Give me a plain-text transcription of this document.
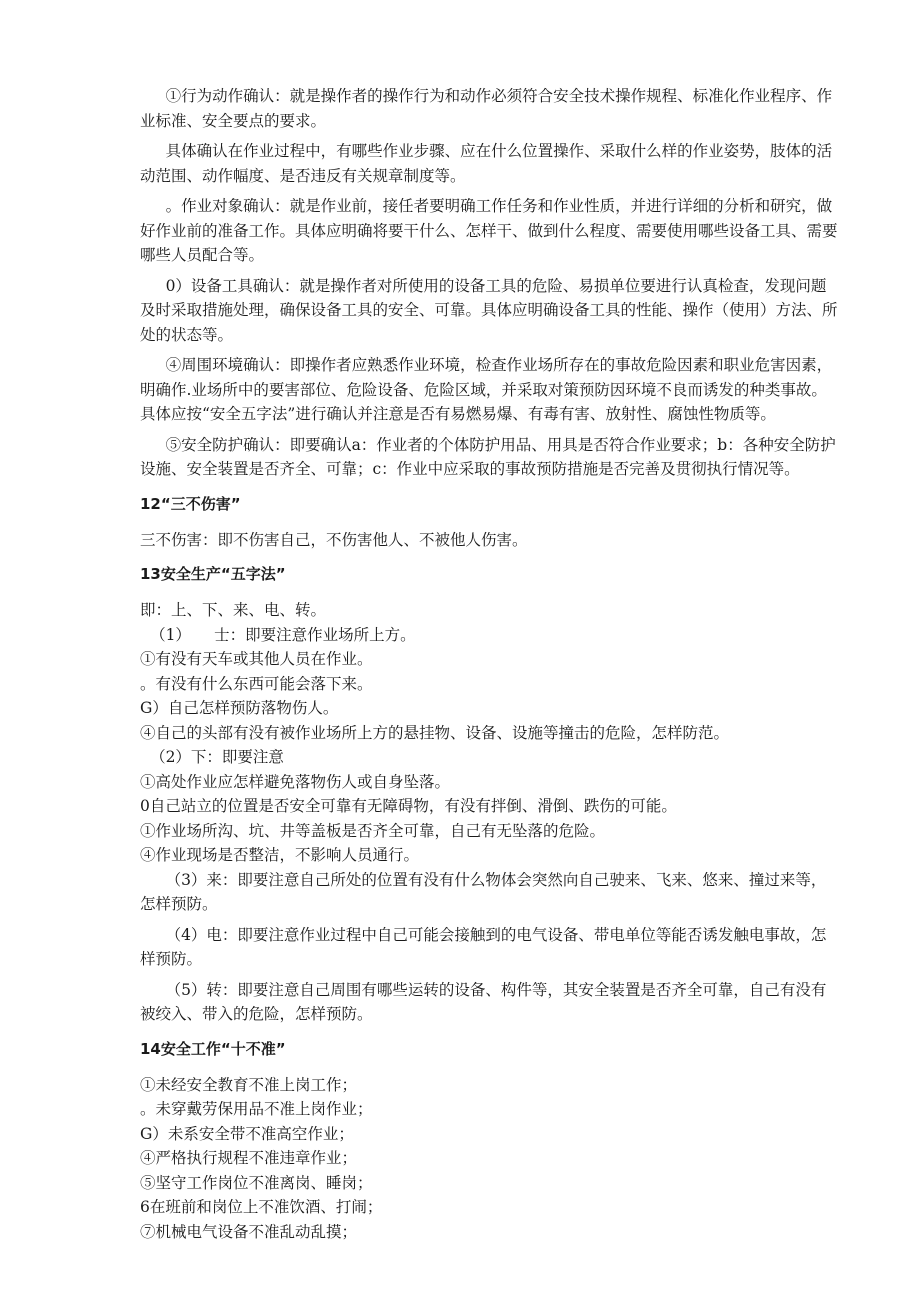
①行为动作确认：就是操作者的操作行为和动作必须符合安全技术操作规程、标准化作业程序、作业标准、安全要点的要求。

具体确认在作业过程中，有哪些作业步骤、应在什么位置操作、采取什么样的作业姿势，肢体的活动范围、动作幅度、是否违反有关规章制度等。

。作业对象确认：就是作业前，接任者要明确工作任务和作业性质，并进行详细的分析和研究，做好作业前的准备工作。具体应明确将要干什么、怎样干、做到什么程度、需要使用哪些设备工具、需要哪些人员配合等。

0）设备工具确认：就是操作者对所使用的设备工具的危险、易损单位要进行认真检查，发现问题及时采取措施处理，确保设备工具的安全、可靠。具体应明确设备工具的性能、操作（使用）方法、所处的状态等。

④周围环境确认：即操作者应熟悉作业环境，检查作业场所存在的事故危险因素和职业危害因素，明确作.业场所中的要害部位、危险设备、危险区域，并采取对策预防因环境不良而诱发的种类事故。具体应按“安全五字法”进行确认并注意是否有易燃易爆、有毒有害、放射性、腐蚀性物质等。

⑤安全防护确认：即要确认a：作业者的个体防护用品、用具是否符合作业要求；b：各种安全防护设施、安全装置是否齐全、可靠；c：作业中应采取的事故预防措施是否完善及贯彻执行情况等。

12“三不伤害”

三不伤害：即不伤害自己，不伤害他人、不被他人伤害。

13安全生产“五字法”

即：上、下、来、电、转。

（1）　　士：即要注意作业场所上方。

①有没有天车或其他人员在作业。

。有没有什么东西可能会落下来。

G）自己怎样预防落物伤人。

④自己的头部有没有被作业场所上方的悬挂物、设备、设施等撞击的危险，怎样防范。

（2）下：即要注意

①高处作业应怎样避免落物伤人或自身坠落。

0自己站立的位置是否安全可靠有无障碍物，有没有拌倒、滑倒、跌伤的可能。

①作业场所沟、坑、井等盖板是否齐全可靠，自己有无坠落的危险。

④作业现场是否整洁，不影响人员通行。

（3）来：即要注意自己所处的位置有没有什么物体会突然向自己驶来、飞来、悠来、撞过来等，怎样预防。

（4）电：即要注意作业过程中自己可能会接触到的电气设备、带电单位等能否诱发触电事故，怎样预防。

（5）转：即要注意自己周围有哪些运转的设备、构件等，其安全装置是否齐全可靠，自己有没有被绞入、带入的危险，怎样预防。

14安全工作“十不准”

①未经安全教育不准上岗工作；

。未穿戴劳保用品不准上岗作业；

G）未系安全带不准高空作业；

④严格执行规程不准违章作业；

⑤坚守工作岗位不准离岗、睡岗；

6在班前和岗位上不准饮酒、打闹；

⑦机械电气设备不准乱动乱摸；
